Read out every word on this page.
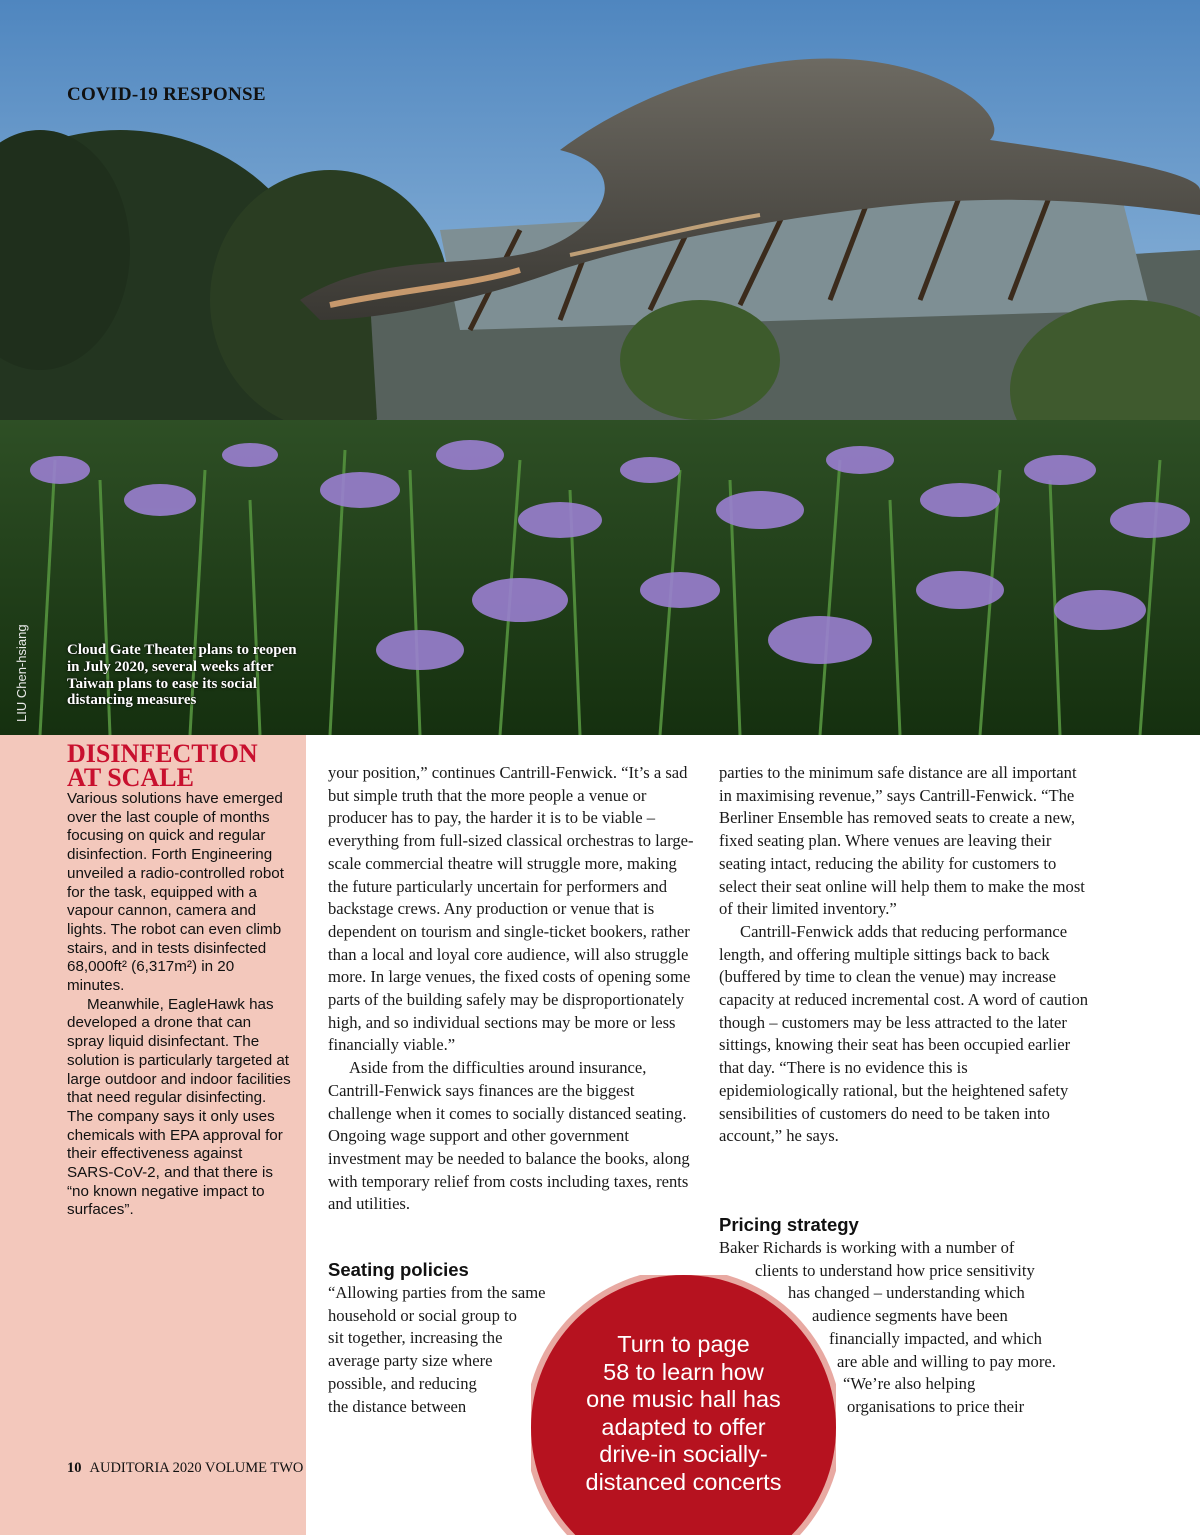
COVID-19 RESPONSE
LIU Chen-hsiang	Cloud Gate Theater plans to reopen in July 2020, several weeks after Taiwan plans to ease its social distancing measures
DISINFECTION
AT SCALE

Various solutions have emerged over the last couple of months focusing on quick and regular disinfection. Forth Engineering unveiled a radio-controlled robot for the task, equipped with a vapour cannon, camera and lights. The robot can even climb stairs, and in tests disinfected 68,000ft² (6,317m²) in 20 minutes.

Meanwhile, EagleHawk has developed a drone that can spray liquid disinfectant. The solution is particularly targeted at large outdoor and indoor facilities that need regular disinfecting. The company says it only uses chemicals with EPA approval for their effectiveness against SARS-CoV-2, and that there is “no known negative impact to surfaces”.

your position,” continues Cantrill-Fenwick. “It’s a sad but simple truth that the more people a venue or producer has to pay, the harder it is to be viable – everything from full-sized classical orchestras to large-scale commercial theatre will struggle more, making the future particularly uncertain for performers and backstage crews. Any production or venue that is dependent on tourism and single-ticket bookers, rather than a local and loyal core audience, will also struggle more. In large venues, the fixed costs of opening some parts of the building safely may be disproportionately high, and so individual sections may be more or less financially viable.”

Aside from the difficulties around insurance, Cantrill-Fenwick says finances are the biggest challenge when it comes to socially distanced seating. Ongoing wage support and other government investment may be needed to balance the books, along with temporary relief from costs including taxes, rents and utilities.

Seating policies
“Allowing parties from the same
household or social group to
sit together, increasing the
average party size where
possible, and reducing
the distance between

parties to the minimum safe distance are all important in maximising revenue,” says Cantrill-Fenwick. “The Berliner Ensemble has removed seats to create a new, fixed seating plan. Where venues are leaving their seating intact, reducing the ability for customers to select their seat online will help them to make the most of their limited inventory.”

Cantrill-Fenwick adds that reducing performance length, and offering multiple sittings back to back (buffered by time to clean the venue) may increase capacity at reduced incremental cost. A word of caution though – customers may be less attracted to the later sittings, knowing their seat has been occupied earlier that day. “There is no evidence this is epidemiologically rational, but the heightened safety sensibilities of customers do need to be taken into account,” he says.

Pricing strategy
Baker Richards is working with a number of
clients to understand how price sensitivity
has changed – understanding which
audience segments have been
financially impacted, and which
are able and willing to pay more.
“We’re also helping
organisations to price their
Turn to page
58 to learn how
one music hall has
adapted to offer
drive-in socially-
distanced concerts
10 AUDITORIA 2020 VOLUME TWO
